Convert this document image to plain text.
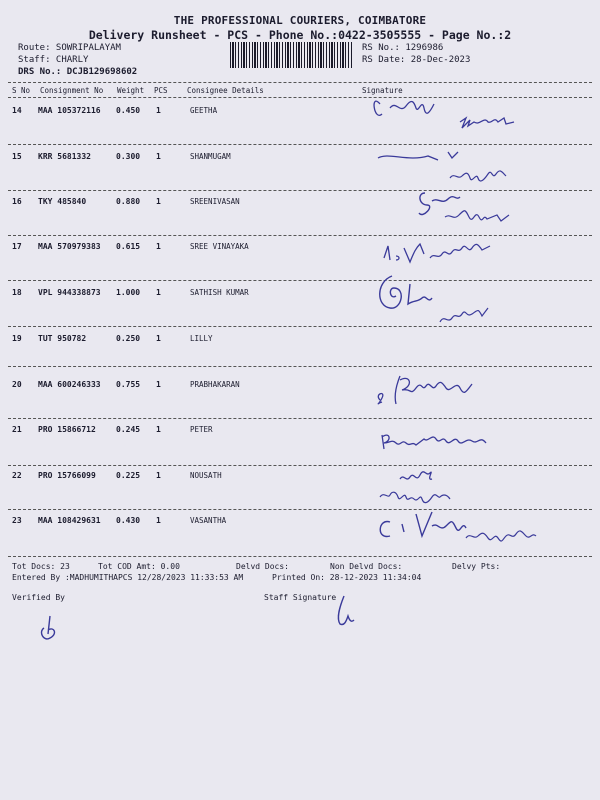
THE PROFESSIONAL COURIERS, COIMBATORE
Delivery Runsheet - PCS - Phone No.:0422-3505555 - Page No.:2
Route: SOWRIPALAYAM
Staff: CHARLY
DRS No.: DCJB129698602
RS No.: 1296986
RS Date: 28-Dec-2023
S No Consignment No Weight PCS	Consignee Details	Signature
14 MAA 105372116 0.450 1	GEETHA
15 KRR 5681332	0.300 1	SHANMUGAM
16 TKY 485840	0.880 1	SREENIVASAN
17 MAA 570979383 0.615 1	SREE VINAYAKA
18 VPL 944338873 1.000 1	SATHISH KUMAR
19 TUT 950782	0.250 1	LILLY
20 MAA 600246333 0.755 1	PRABHAKARAN
21 PRO 15866712	0.245 1	PETER
22 PRO 15766099	0.225 1	NOUSATH
23 MAA 108429631 0.430 1	VASANTHA
Tot Docs: 23	Tot COD Amt: 0.00	Delvd Docs:	Non Delvd Docs:	Delvy Pts:
Entered By :MADHUMITHAPCS 12/28/2023 11:33:53 AM	Printed On: 28-12-2023 11:34:04
Verified By	Staff Signature
